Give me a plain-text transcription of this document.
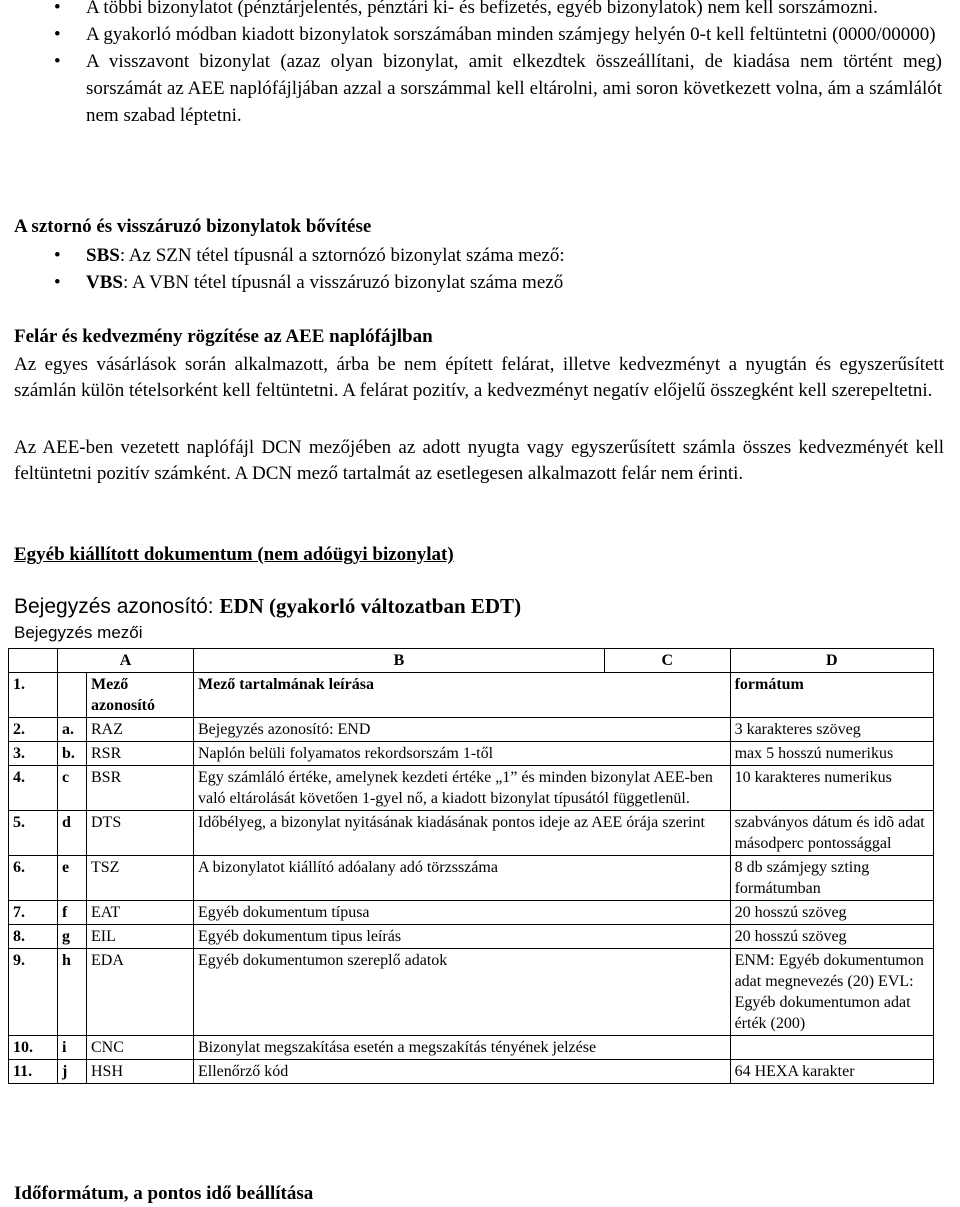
• A többi bizonylatot (pénztárjelentés, pénztári ki- és befizetés, egyéb bizonylatok) nem kell sorszámozni.
• A gyakorló módban kiadott bizonylatok sorszámában minden számjegy helyén 0-t kell feltüntetni (0000/00000)
• A visszavont bizonylat (azaz olyan bizonylat, amit elkezdtek összeállítani, de kiadása nem történt meg) sorszámát az AEE naplófájljában azzal a sorszámmal kell eltárolni, ami soron következett volna, ám a számlálót nem szabad léptetni.
A sztornó és visszáruzó bizonylatok bővítése
• SBS: Az SZN tétel típusnál a sztornózó bizonylat száma mező:
• VBS: A VBN tétel típusnál a visszáruzó bizonylat száma mező
Felár és kedvezmény rögzítése az AEE naplófájlban
Az egyes vásárlások során alkalmazott, árba be nem épített felárat, illetve kedvezményt a nyugtán és egyszerűsített számlán külön tételsorként kell feltüntetni. A felárat pozitív, a kedvezményt negatív előjelű összegként kell szerepeltetni.
Az AEE-ben vezetett naplófájl DCN mezőjében az adott nyugta vagy egyszerűsített számla összes kedvezményét kell feltüntetni pozitív számként. A DCN mező tartalmát az esetlegesen alkalmazott felár nem érinti.
Egyéb kiállított dokumentum (nem adóügyi bizonylat)
Bejegyzés azonosító: EDN (gyakorló változatban EDT)
Bejegyzés mezői
	A		B	C	D
1.		Mező azonosító	Mező tartalmának leírása		formátum
2.	a.	RAZ	Bejegyzés azonosító: END		3 karakteres szöveg
3.	b.	RSR	Naplón belüli folyamatos rekordsorszám 1-től		max 5 hosszú numerikus
4.	c	BSR	Egy számláló értéke, amelynek kezdeti értéke „1” és minden bizonylat AEE-ben való eltárolását követően 1-gyel nő, a kiadott bizonylat típusától függetlenül.		10 karakteres numerikus
5.	d	DTS	Időbélyeg, a bizonylat nyitásának kiadásának pontos ideje az AEE órája szerint		szabványos dátum és idõ adat másodperc pontossággal
6.	e	TSZ	A bizonylatot kiállító adóalany adó törzsszáma		8 db számjegy szting formátumban
7.	f	EAT	Egyéb dokumentum típusa		20 hosszú szöveg
8.	g	EIL	Egyéb dokumentum tipus leírás		20 hosszú szöveg
9.	h	EDA	Egyéb dokumentumon szereplő adatok		ENM: Egyéb dokumentumon adat megnevezés (20) EVL: Egyéb dokumentumon adat érték (200)
10.	i	CNC	Bizonylat megszakítása esetén a megszakítás tényének jelzése		
11.	j	HSH	Ellenőrző kód		64 HEXA karakter
Időformátum, a pontos idő beállítása
